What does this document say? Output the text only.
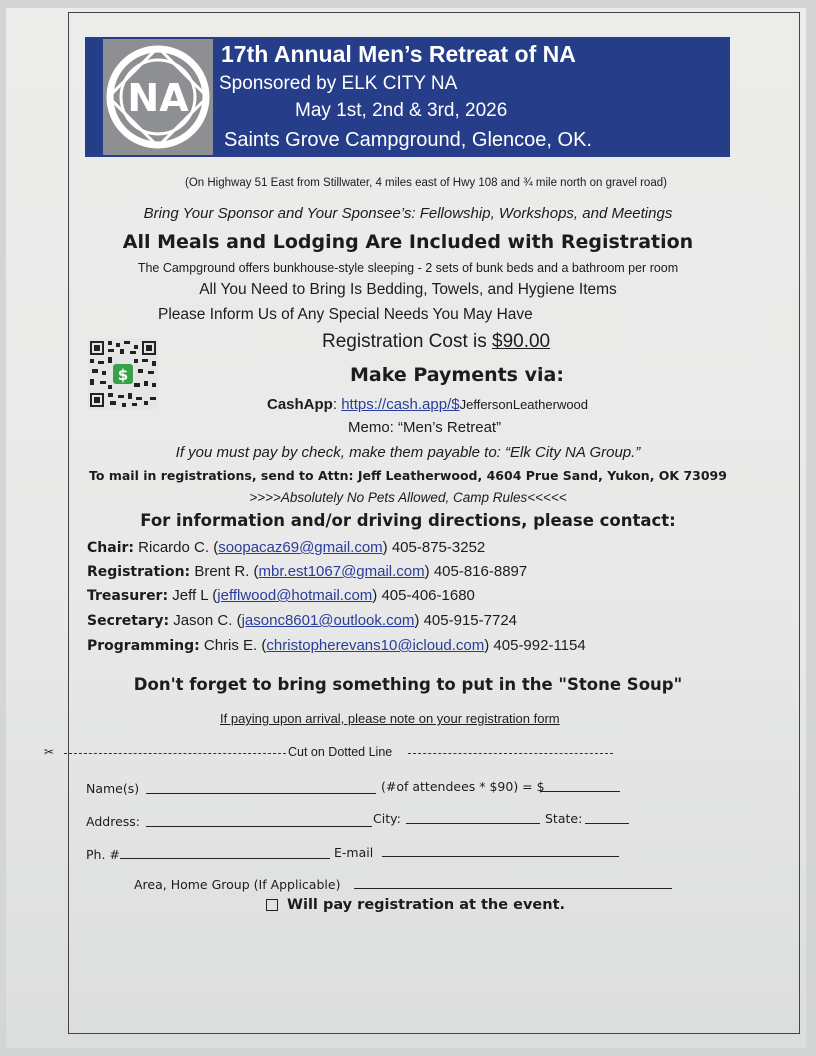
NA
17th Annual Men’s Retreat of NA
Sponsored by ELK CITY NA
May 1st, 2nd & 3rd, 2026
Saints Grove Campground, Glencoe, OK.
(On Highway 51 East from Stillwater, 4 miles east of Hwy 108 and ¾ mile north on gravel road)
Bring Your Sponsor and Your Sponsee’s: Fellowship, Workshops, and Meetings
All Meals and Lodging Are Included with Registration
The Campground offers bunkhouse-style sleeping - 2 sets of bunk beds and a bathroom per room
All You Need to Bring Is Bedding, Towels, and Hygiene Items
Please Inform Us of Any Special Needs You May Have
$
Registration Cost is $90.00
Make Payments via:
CashApp: https://cash.app/$JeffersonLeatherwood
Memo: “Men’s Retreat”
If you must pay by check, make them payable to: “Elk City NA Group.”
To mail in registrations, send to Attn: Jeff Leatherwood, 4604 Prue Sand, Yukon, OK 73099
>>>>Absolutely No Pets Allowed, Camp Rules<<<<<
For information and/or driving directions, please contact:
Chair: Ricardo C. (soopacaz69@gmail.com) 405-875-3252
Registration: Brent R. (mbr.est1067@gmail.com) 405-816-8897
Treasurer: Jeff L (jefflwood@hotmail.com) 405-406-1680
Secretary: Jason C. (jasonc8601@outlook.com) 405-915-7724
Programming: Chris E. (christopherevans10@icloud.com) 405-992-1154
Don't forget to bring something to put in the "Stone Soup"
If paying upon arrival, please note on your registration form
✂	Cut on Dotted Line
Name(s)	(#of attendees * $90) = $
Address:	City:	State:
Ph. #	E-mail
Area, Home Group (If Applicable)
Will pay registration at the event.
